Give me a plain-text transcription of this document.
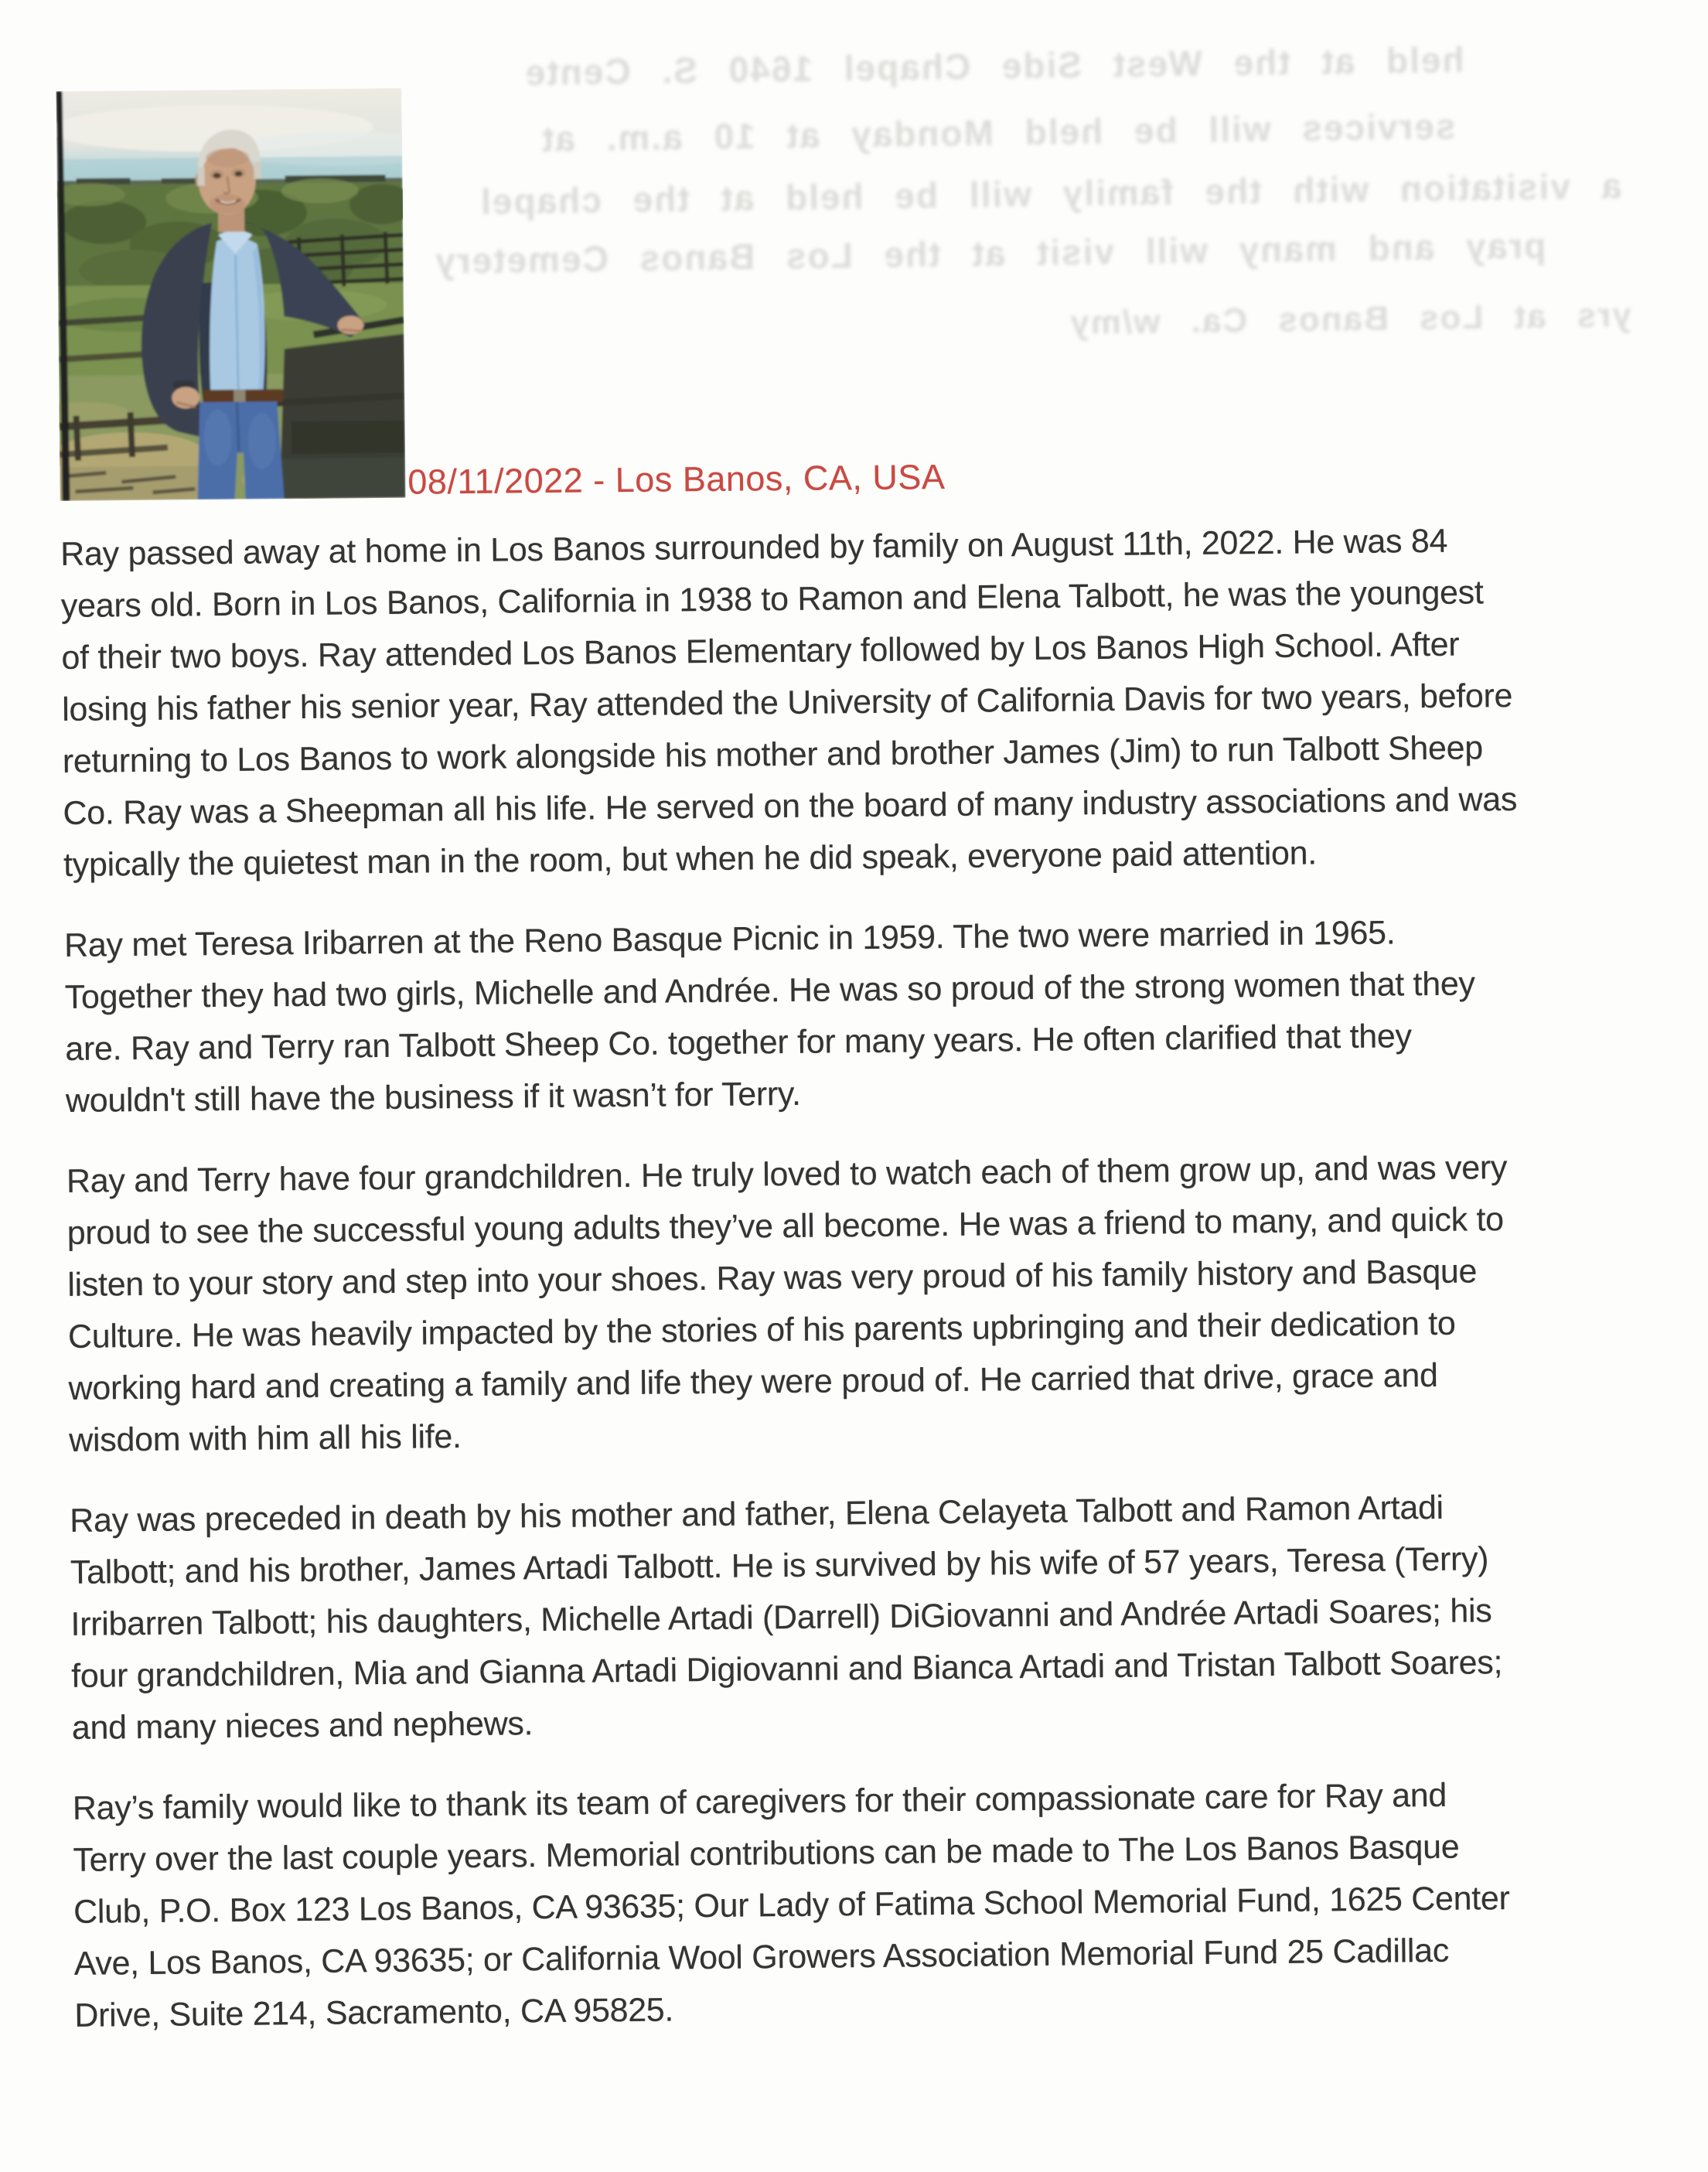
held at the West Side Chapel 1640 S. Cente
services will be held Monday at 10 a.m. at
a visitation with the family will be held at the chapel
pray and many will visit at the Los Banos Cemetery
yrs at Los Banos Ca. w/my
08/11/2022 - Los Banos, CA, USA

Ray passed away at home in Los Banos surrounded by family on August 11th, 2022. He was 84
years old. Born in Los Banos, California in 1938 to Ramon and Elena Talbott, he was the youngest
of their two boys. Ray attended Los Banos Elementary followed by Los Banos High School. After
losing his father his senior year, Ray attended the University of California Davis for two years, before
returning to Los Banos to work alongside his mother and brother James (Jim) to run Talbott Sheep
Co. Ray was a Sheepman all his life. He served on the board of many industry associations and was
typically the quietest man in the room, but when he did speak, everyone paid attention.

Ray met Teresa Iribarren at the Reno Basque Picnic in 1959. The two were married in 1965.
Together they had two girls, Michelle and Andrée. He was so proud of the strong women that they
are. Ray and Terry ran Talbott Sheep Co. together for many years. He often clarified that they
wouldn't still have the business if it wasn’t for Terry.

Ray and Terry have four grandchildren. He truly loved to watch each of them grow up, and was very
proud to see the successful young adults they’ve all become. He was a friend to many, and quick to
listen to your story and step into your shoes. Ray was very proud of his family history and Basque
Culture. He was heavily impacted by the stories of his parents upbringing and their dedication to
working hard and creating a family and life they were proud of. He carried that drive, grace and
wisdom with him all his life.

Ray was preceded in death by his mother and father, Elena Celayeta Talbott and Ramon Artadi
Talbott; and his brother, James Artadi Talbott. He is survived by his wife of 57 years, Teresa (Terry)
Irribarren Talbott; his daughters, Michelle Artadi (Darrell) DiGiovanni and Andrée Artadi Soares; his
four grandchildren, Mia and Gianna Artadi Digiovanni and Bianca Artadi and Tristan Talbott Soares;
and many nieces and nephews.

Ray’s family would like to thank its team of caregivers for their compassionate care for Ray and
Terry over the last couple years. Memorial contributions can be made to The Los Banos Basque
Club, P.O. Box 123 Los Banos, CA 93635; Our Lady of Fatima School Memorial Fund, 1625 Center
Ave, Los Banos, CA 93635; or California Wool Growers Association Memorial Fund 25 Cadillac
Drive, Suite 214, Sacramento, CA 95825.
